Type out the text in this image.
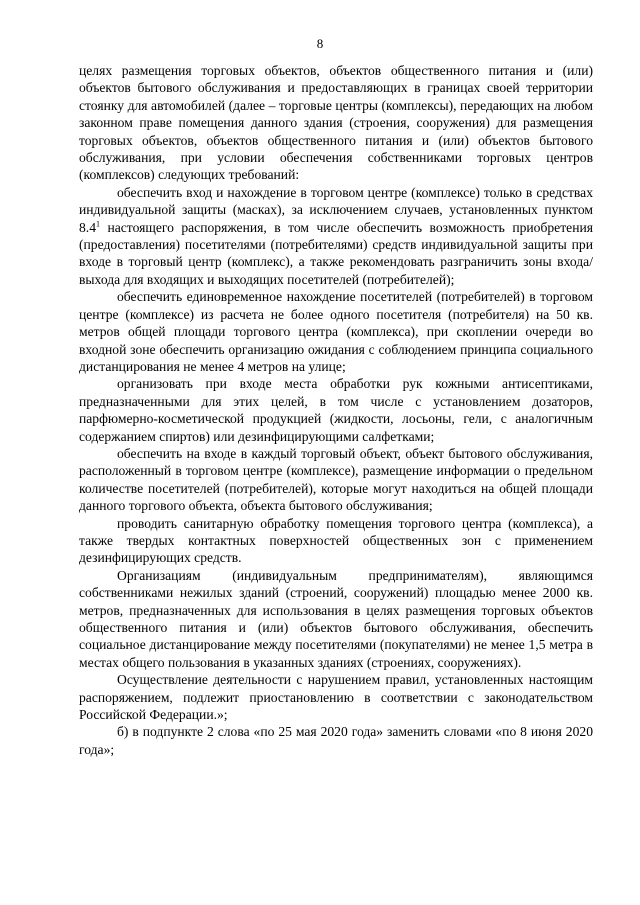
8

целях размещения торговых объектов, объектов общественного питания и (или) объектов бытового обслуживания и предоставляющих в границах своей территории стоянку для автомобилей (далее – торговые центры (комплексы), передающих на любом законном праве помещения данного здания (строения, сооружения) для размещения торговых объектов, объектов общественного питания и (или) объектов бытового обслуживания, при условии обеспечения собственниками торговых центров (комплексов) следующих требований:

обеспечить вход и нахождение в торговом центре (комплексе) только в средствах индивидуальной защиты (масках), за исключением случаев, установленных пунктом $8.4^1$ настоящего распоряжения, в том числе обеспечить возможность приобретения (предоставления) посетителями (потребителями) средств индивидуальной защиты при входе в торговый центр (комплекс), а также рекомендовать разграничить зоны входа/выхода для входящих и выходящих посетителей (потребителей);

обеспечить единовременное нахождение посетителей (потребителей) в торговом центре (комплексе) из расчета не более одного посетителя (потребителя) на 50 кв. метров общей площади торгового центра (комплекса), при скоплении очереди во входной зоне обеспечить организацию ожидания с соблюдением принципа социального дистанцирования не менее 4 метров на улице;

организовать при входе места обработки рук кожными антисептиками, предназначенными для этих целей, в том числе с установлением дозаторов, парфюмерно-косметической продукцией (жидкости, лосьоны, гели, с аналогичным содержанием спиртов) или дезинфицирующими салфетками;

обеспечить на входе в каждый торговый объект, объект бытового обслуживания, расположенный в торговом центре (комплексе), размещение информации о предельном количестве посетителей (потребителей), которые могут находиться на общей площади данного торгового объекта, объекта бытового обслуживания;

проводить санитарную обработку помещения торгового центра (комплекса), а также твердых контактных поверхностей общественных зон с применением дезинфицирующих средств.

Организациям (индивидуальным предпринимателям), являющимся собственниками нежилых зданий (строений, сооружений) площадью менее 2000 кв. метров, предназначенных для использования в целях размещения торговых объектов общественного питания и (или) объектов бытового обслуживания, обеспечить социальное дистанцирование между посетителями (покупателями) не менее 1,5 метра в местах общего пользования в указанных зданиях (строениях, сооружениях).

Осуществление деятельности с нарушением правил, установленных настоящим распоряжением, подлежит приостановлению в соответствии с законодательством Российской Федерации.»;

б) в подпункте 2 слова «по 25 мая 2020 года» заменить словами «по 8 июня 2020 года»;
